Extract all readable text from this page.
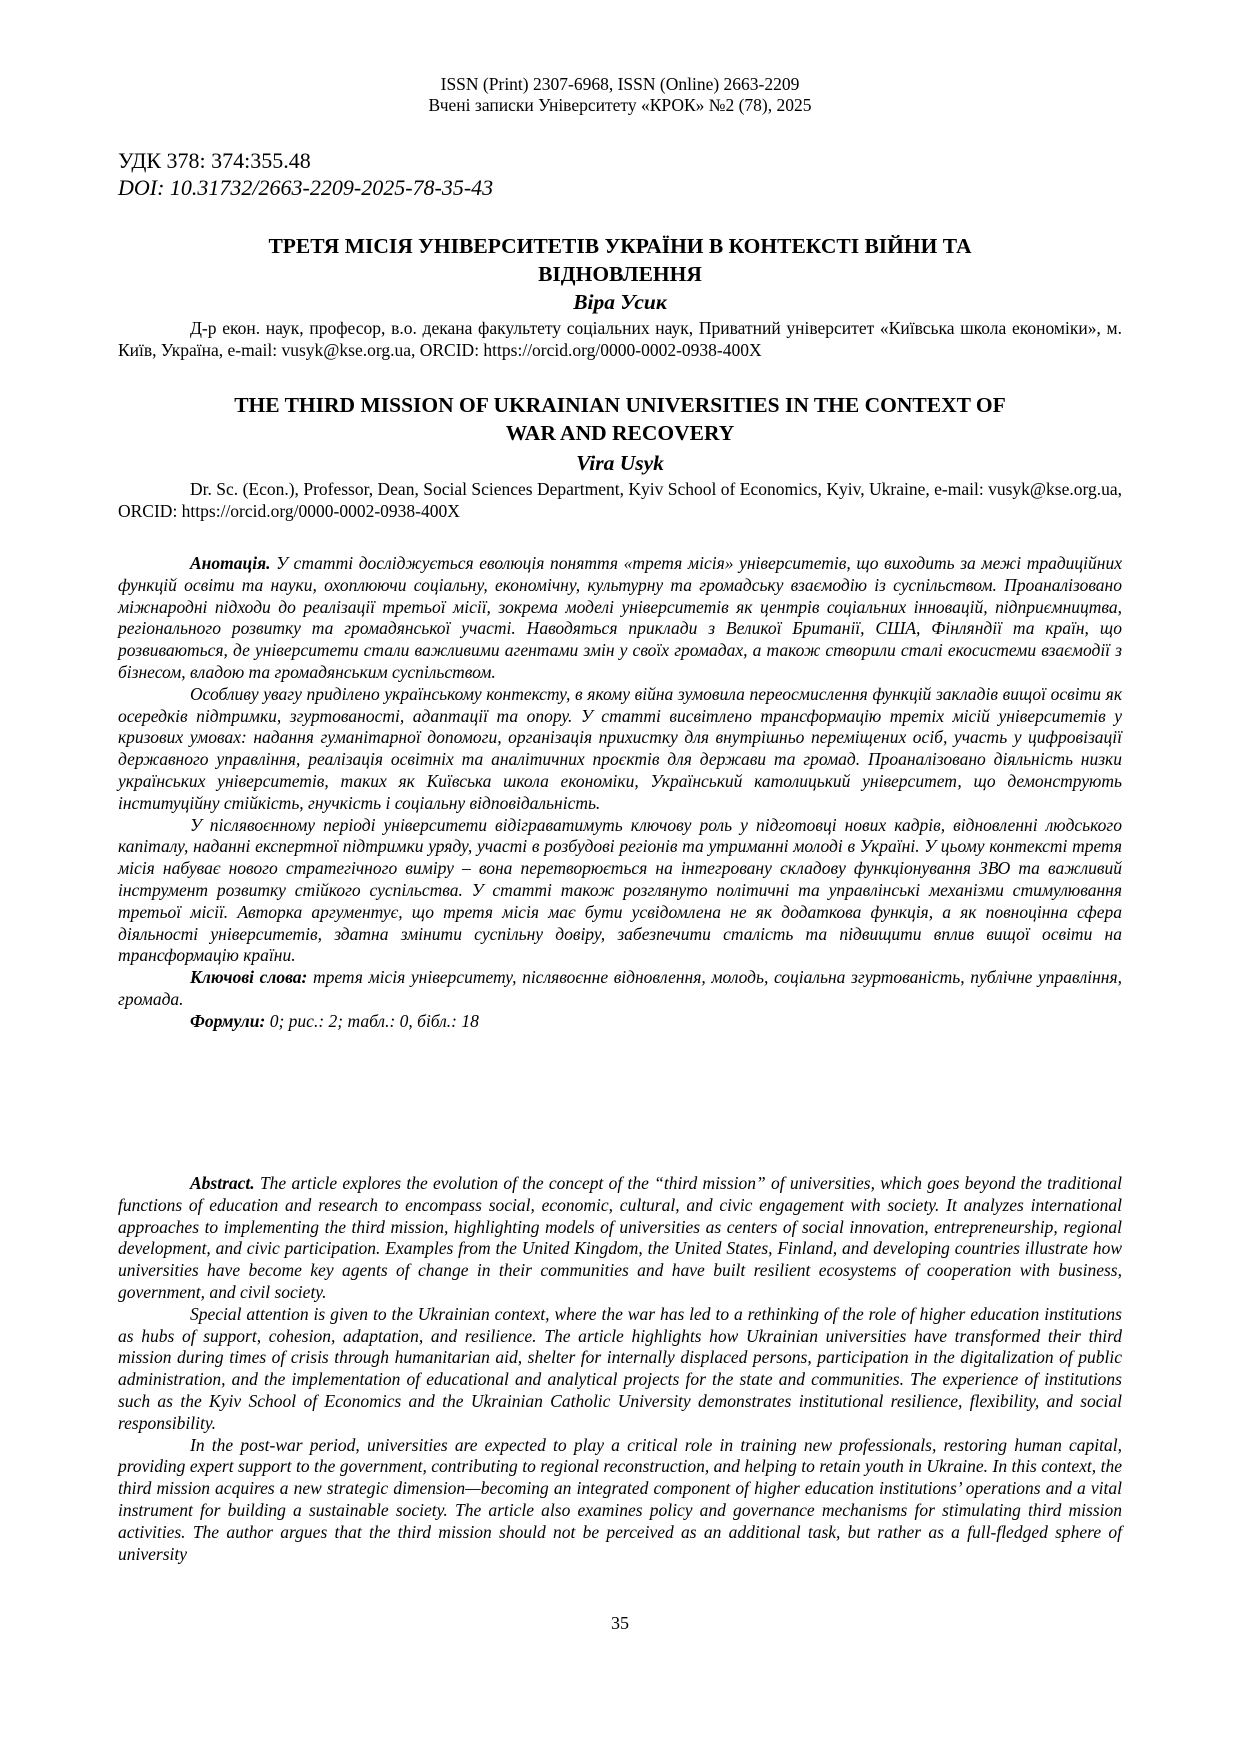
ISSN (Print) 2307-6968, ISSN (Online) 2663-2209
Вчені записки Університету «КРОК» №2 (78), 2025
УДК 378: 374:355.48
DOI: 10.31732/2663-2209-2025-78-35-43
ТРЕТЯ МІСІЯ УНІВЕРСИТЕТІВ УКРАЇНИ В КОНТЕКСТІ ВІЙНИ ТА
ВІДНОВЛЕННЯ
Віра Усик
Д-р екон. наук, професор, в.о. декана факультету соціальних наук, Приватний університет «Київська школа економіки», м. Київ, Україна, e-mail: vusyk@kse.org.ua, ORCID: https://orcid.org/0000-0002-0938-400X
THE THIRD MISSION OF UKRAINIAN UNIVERSITIES IN THE CONTEXT OF
WAR AND RECOVERY
Vira Usyk
Dr. Sc. (Econ.), Professor, Dean, Social Sciences Department, Kyiv School of Economics, Kyiv, Ukraine, e-mail: vusyk@kse.org.ua, ORCID: https://orcid.org/0000-0002-0938-400X

Анотація. У статті досліджується еволюція поняття «третя місія» університетів, що виходить за межі традиційних функцій освіти та науки, охоплюючи соціальну, економічну, культурну та громадську взаємодію із суспільством. Проаналізовано міжнародні підходи до реалізації третьої місії, зокрема моделі університетів як центрів соціальних інновацій, підприємництва, регіонального розвитку та громадянської участі. Наводяться приклади з Великої Британії, США, Фінляндії та країн, що розвиваються, де університети стали важливими агентами змін у своїх громадах, а також створили сталі екосистеми взаємодії з бізнесом, владою та громадянським суспільством.

Особливу увагу приділено українському контексту, в якому війна зумовила переосмислення функцій закладів вищої освіти як осередків підтримки, згуртованості, адаптації та опору. У статті висвітлено трансформацію третіх місій університетів у кризових умовах: надання гуманітарної допомоги, організація прихистку для внутрішньо переміщених осіб, участь у цифровізації державного управління, реалізація освітніх та аналітичних проєктів для держави та громад. Проаналізовано діяльність низки українських університетів, таких як Київська школа економіки, Український католицький університет, що демонструють інституційну стійкість, гнучкість і соціальну відповідальність.

У післявоєнному періоді університети відіграватимуть ключову роль у підготовці нових кадрів, відновленні людського капіталу, наданні експертної підтримки уряду, участі в розбудові регіонів та утриманні молоді в Україні. У цьому контексті третя місія набуває нового стратегічного виміру – вона перетворюється на інтегровану складову функціонування ЗВО та важливий інструмент розвитку стійкого суспільства. У статті також розглянуто політичні та управлінські механізми стимулювання третьої місії. Авторка аргументує, що третя місія має бути усвідомлена не як додаткова функція, а як повноцінна сфера діяльності університетів, здатна змінити суспільну довіру, забезпечити сталість та підвищити вплив вищої освіти на трансформацію країни.

Ключові слова: третя місія університету, післявоєнне відновлення, молодь, соціальна згуртованість, публічне управління, громада.

Формули: 0; рис.: 2; табл.: 0, бібл.: 18

Abstract. The article explores the evolution of the concept of the “third mission” of universities, which goes beyond the traditional functions of education and research to encompass social, economic, cultural, and civic engagement with society. It analyzes international approaches to implementing the third mission, highlighting models of universities as centers of social innovation, entrepreneurship, regional development, and civic participation. Examples from the United Kingdom, the United States, Finland, and developing countries illustrate how universities have become key agents of change in their communities and have built resilient ecosystems of cooperation with business, government, and civil society.

Special attention is given to the Ukrainian context, where the war has led to a rethinking of the role of higher education institutions as hubs of support, cohesion, adaptation, and resilience. The article highlights how Ukrainian universities have transformed their third mission during times of crisis through humanitarian aid, shelter for internally displaced persons, participation in the digitalization of public administration, and the implementation of educational and analytical projects for the state and communities. The experience of institutions such as the Kyiv School of Economics and the Ukrainian Catholic University demonstrates institutional resilience, flexibility, and social responsibility.

In the post-war period, universities are expected to play a critical role in training new professionals, restoring human capital, providing expert support to the government, contributing to regional reconstruction, and helping to retain youth in Ukraine. In this context, the third mission acquires a new strategic dimension—becoming an integrated component of higher education institutions’ operations and a vital instrument for building a sustainable society. The article also examines policy and governance mechanisms for stimulating third mission activities. The author argues that the third mission should not be perceived as an additional task, but rather as a full-fledged sphere of university

35
